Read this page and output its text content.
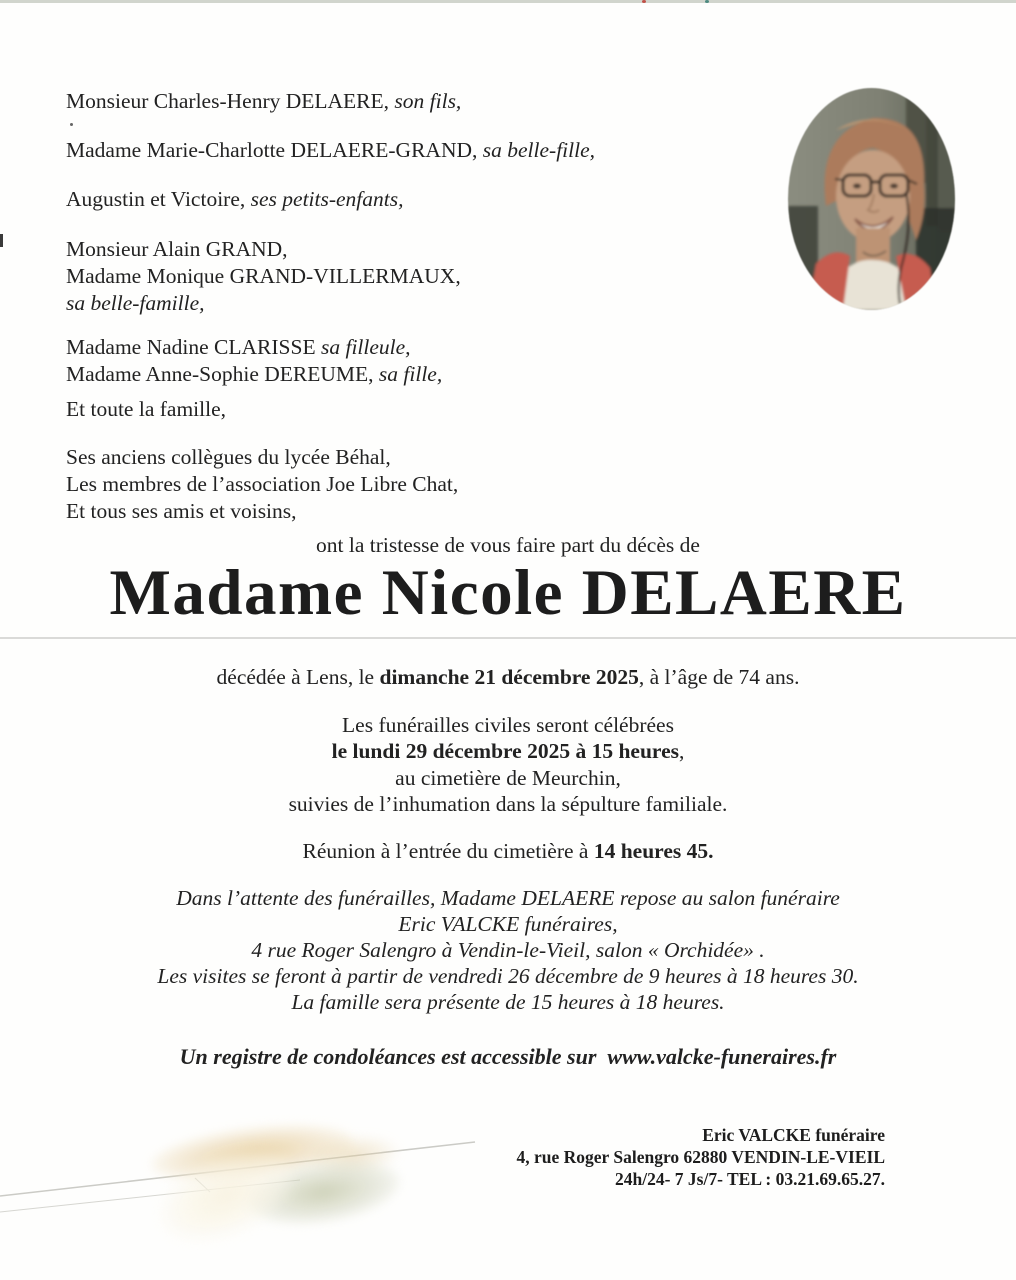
Monsieur Charles-Henry DELAERE, son fils,
Madame Marie-Charlotte DELAERE-GRAND, sa belle-fille,
Augustin et Victoire, ses petits-enfants,
Monsieur Alain GRAND,
Madame Monique GRAND-VILLERMAUX,
sa belle-famille,
Madame Nadine CLARISSE sa filleule,
Madame Anne-Sophie DEREUME, sa fille,
Et toute la famille,
Ses anciens collègues du lycée Béhal,
Les membres de l’association Joe Libre Chat,
Et tous ses amis et voisins,
ont la tristesse de vous faire part du décès de
Madame Nicole DELAERE
décédée à Lens, le dimanche 21 décembre 2025, à l’âge de 74 ans.
Les funérailles civiles seront célébrées
le lundi 29 décembre 2025 à 15 heures,
au cimetière de Meurchin,
suivies de l’inhumation dans la sépulture familiale.
Réunion à l’entrée du cimetière à 14 heures 45.
Dans l’attente des funérailles, Madame DELAERE repose au salon funéraire
Eric VALCKE funéraires,
4 rue Roger Salengro à Vendin-le-Vieil, salon « Orchidée» .
Les visites se feront à partir de vendredi 26 décembre de 9 heures à 18 heures 30.
La famille sera présente de 15 heures à 18 heures.
Un registre de condoléances est accessible sur www.valcke-funeraires.fr
Eric VALCKE funéraire
4, rue Roger Salengro 62880 VENDIN-LE-VIEIL
24h/24- 7 Js/7- TEL : 03.21.69.65.27.
